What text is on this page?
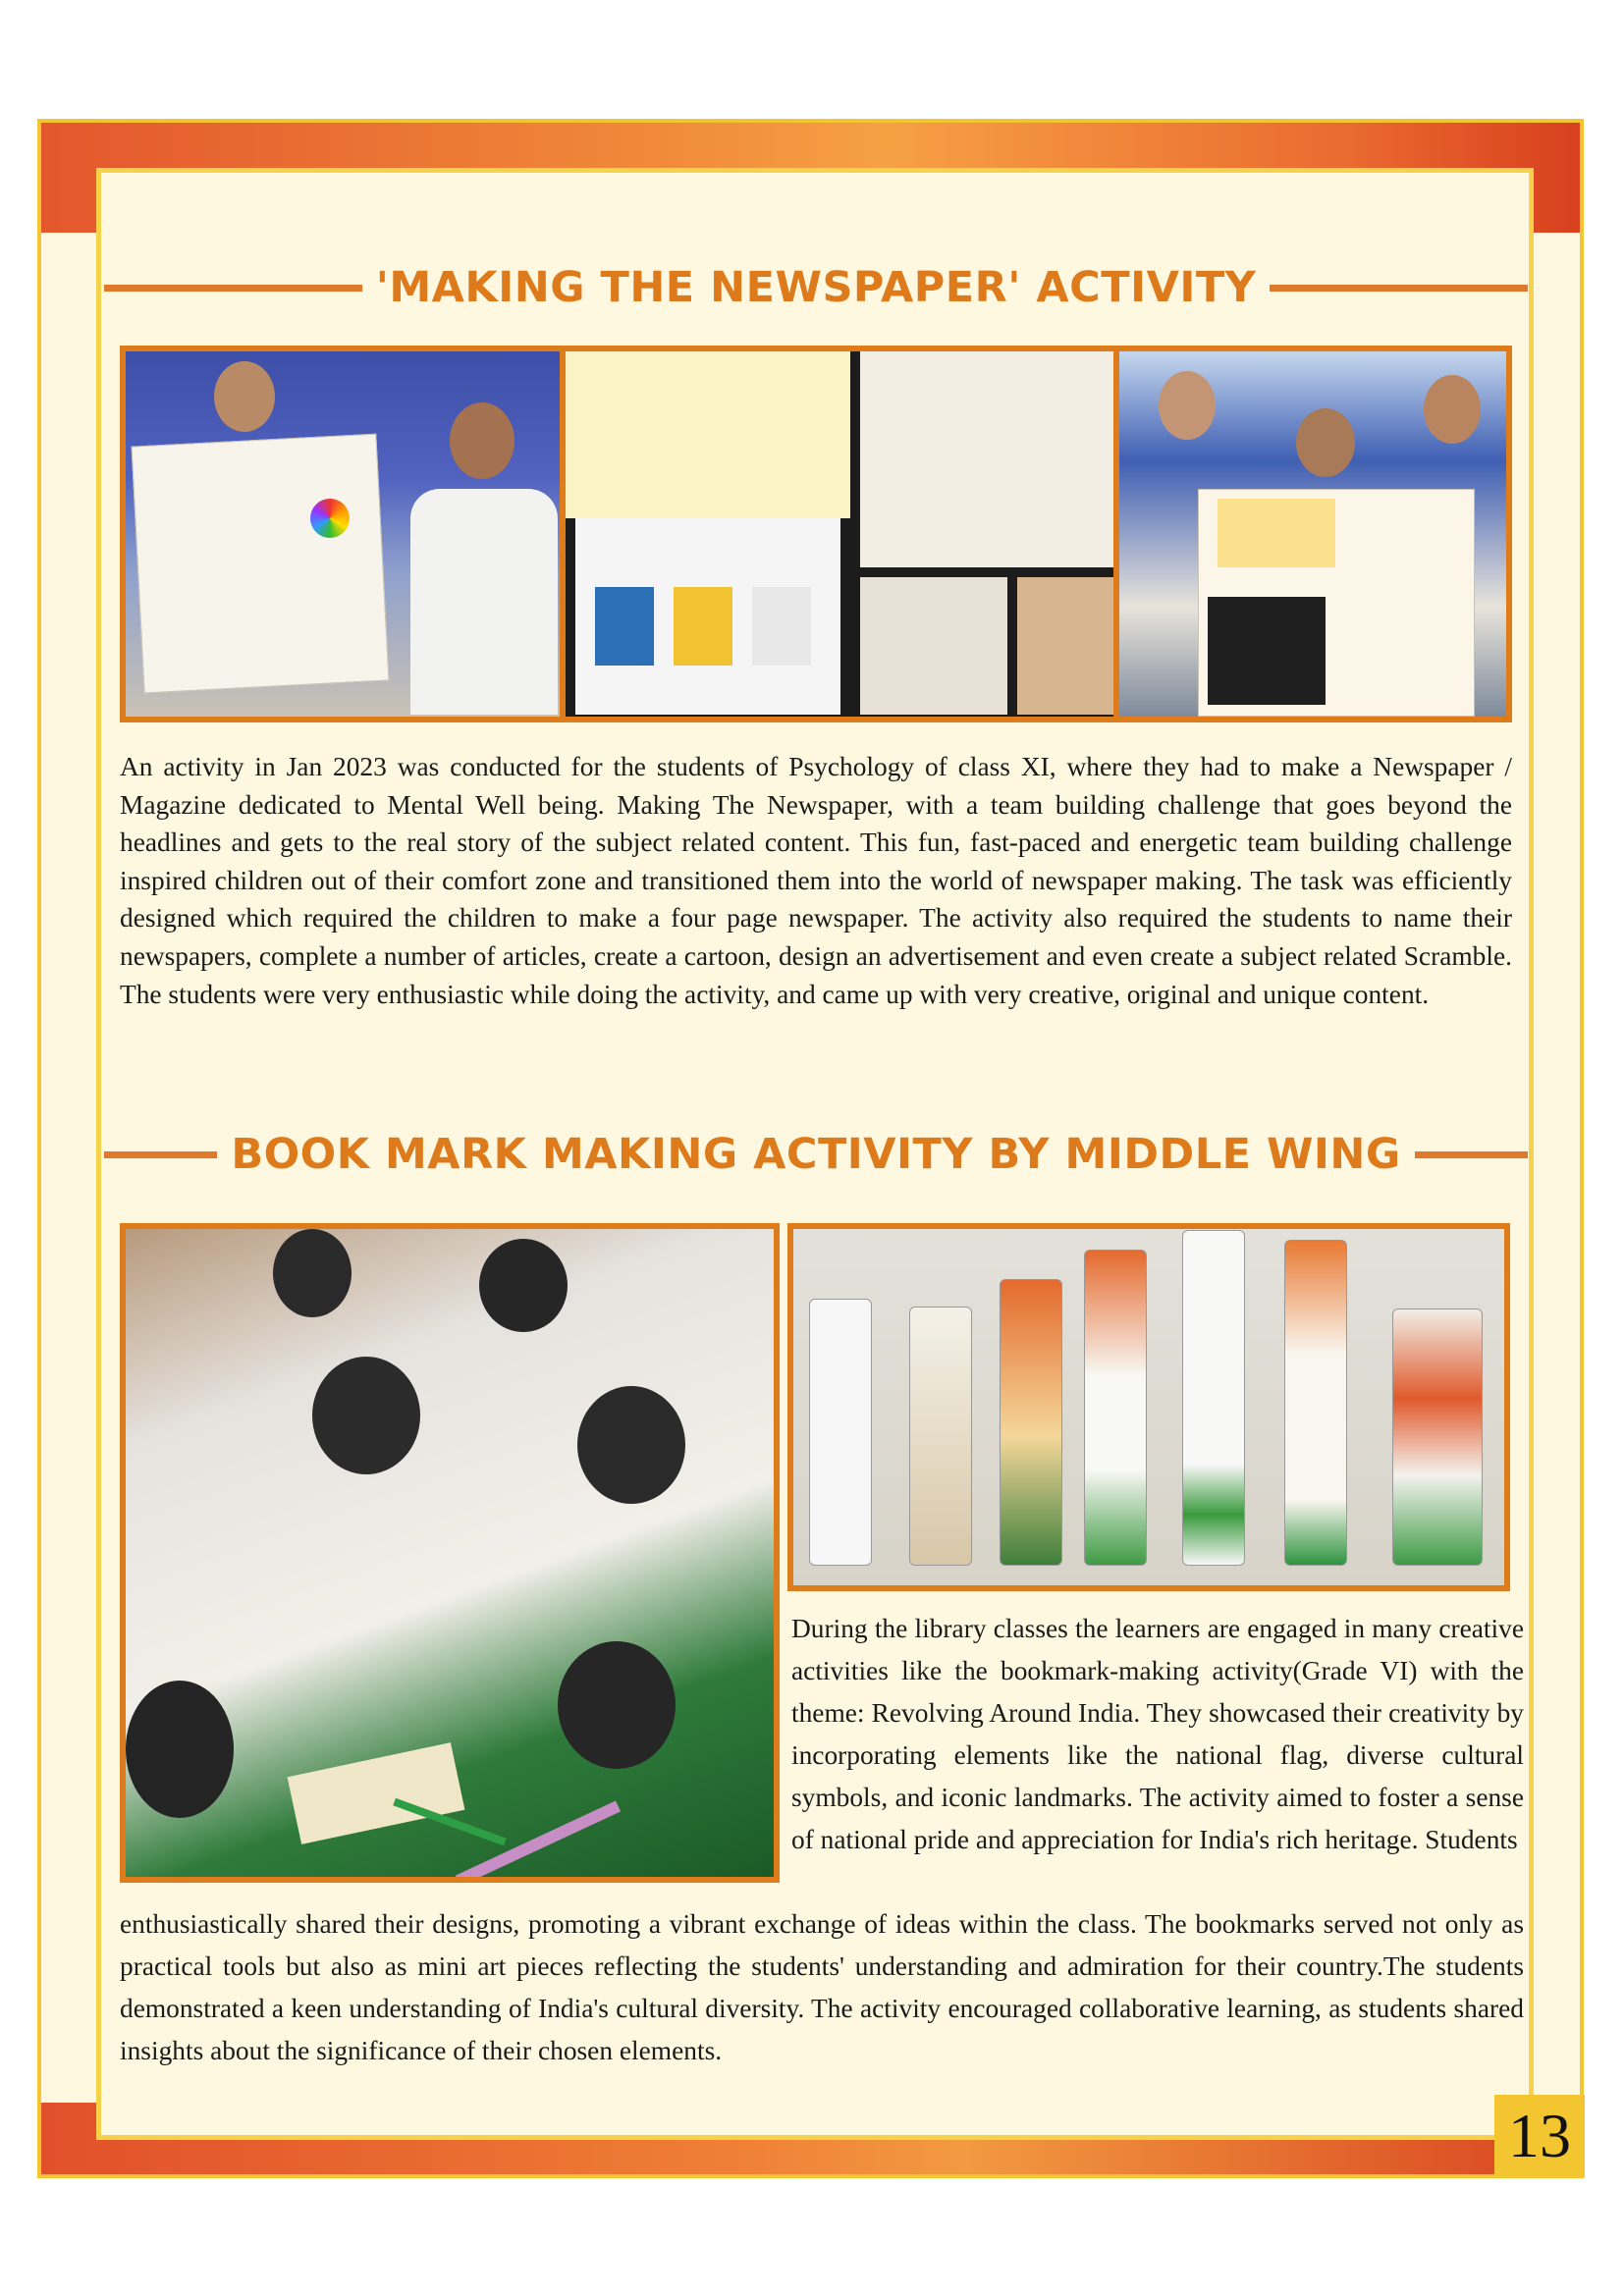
13
'MAKING THE NEWSPAPER' ACTIVITY

An activity in Jan 2023 was conducted for the students of Psychology of class XI, where they had to make a Newspaper / Magazine dedicated to Mental Well being. Making The Newspaper, with a team building challenge that goes beyond the headlines and gets to the real story of the subject related content. This fun, fast-paced and energetic team building challenge inspired children out of their comfort zone and transitioned them into the world of newspaper making. The task was efficiently designed which required the children to make a four page newspaper. The activity also required the students to name their newspapers, complete a number of articles, create a cartoon, design an advertisement and even create a subject related Scramble. The students were very enthusiastic while doing the activity, and came up with very creative, original and unique content.

BOOK MARK MAKING ACTIVITY BY MIDDLE WING

During the library classes the learners are engaged in many creative activities like the bookmark-making activity(Grade VI) with the theme: Revolving Around India. They showcased their creativity by incorporating elements like the national flag, diverse cultural symbols, and iconic landmarks. The activity aimed to foster a sense of national pride and appreciation for India's rich heritage. Students

enthusiastically shared their designs, promoting a vibrant exchange of ideas within the class. The bookmarks served not only as practical tools but also as mini art pieces reflecting the students' understanding and admiration for their country.The students demonstrated a keen understanding of India's cultural diversity. The activity encouraged collaborative learning, as students shared insights about the significance of their chosen elements.
